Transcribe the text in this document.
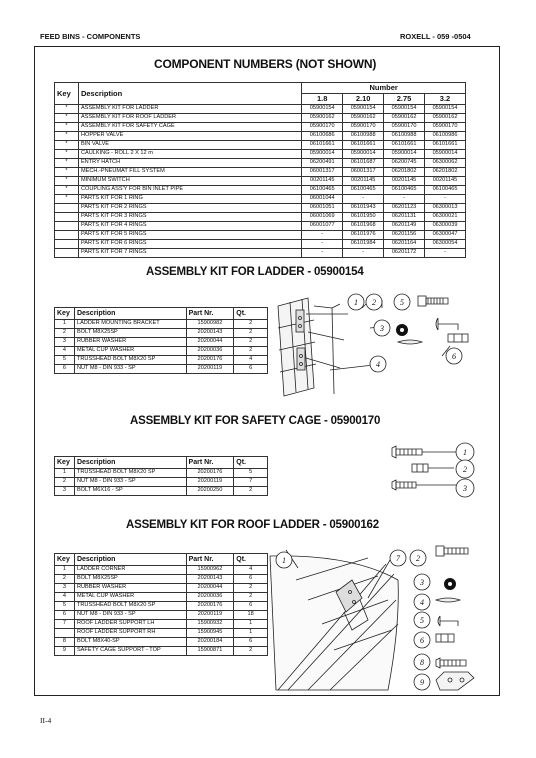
FEED BINS - COMPONENTS	ROXELL - 059 -0504
COMPONENT NUMBERS (NOT SHOWN)
Key	Description	Number			
		1.8	2.10	2.75	3.2
*	ASSEMBLY KIT FOR LADDER	05900154	05900154	05900154	05900154
*	ASSEMBLY KIT FOR ROOF LADDER	05900162	05900162	05900162	05900162
*	ASSEMBLY KIT FOR SAFETY CAGE	05900170	05900170	05900170	05900170
*	HOPPER VALVE	06100686	06100988	06100988	06100986
*	BIN VALVE	06101661	06101661	06101661	06101661
*	CAULKING - ROLL 2 X 12 m	05900014	05900014	05900014	05900014
*	ENTRY HATCH	06200491	06101687	06200745	06300062
*	MECH.-PNEUMAT FILL SYSTEM	06001317	06001317	06201802	06201802
*	MINIMUM SWITCH	00201145	00201145	00201145	00201145
*	COUPLING ASS'Y FOR BIN INLET PIPE	06100465	06100465	06100465	06100465
*	PARTS KIT FOR 1 RING	06001044	-	-	-
	PARTS KIT FOR 2 RINGS	06001051	06101943	06201123	06300013
	PARTS KIT FOR 3 RINGS	06001069	06101950	06201131	06300021
	PARTS KIT FOR 4 RINGS	06001077	06101968	06201149	06300039
	PARTS KIT FOR 5 RINGS	-	06101976	06201156	06300047
	PARTS KIT FOR 6 RINGS	-	06101984	06201164	06300054
	PARTS KIT FOR 7 RINGS	-	-	06201172	-
ASSEMBLY KIT FOR LADDER - 05900154
Key	Description	Part Nr.	Qt.
1	LADDER MOUNTING BRACKET	15900982	2
2	BOLT M8X25SP	20200143	2
3	RUBBER WASHER	20200044	2
4	METAL CUP WASHER	20200036	2
5	TRUSSHEAD BOLT M8X20 SP	20200176	4
6	NUT M8 - DIN 933 - SP	20200119	6
ASSEMBLY KIT FOR SAFETY CAGE - 05900170
Key	Description	Part Nr.	Qt.
1	TRUSSHEAD BOLT M8X20 SP	20200176	5
2	NUT M8 - DIN 933 - SP	20200119	7
3	BOLT M6X16 - SP	20200250	2
ASSEMBLY KIT FOR ROOF LADDER - 05900162
Key	Description	Part Nr.	Qt.
1	LADDER CORNER	15900962	4
2	BOLT M8X25SP	20200143	6
3	RUBBER WASHER	20200044	2
4	METAL CUP WASHER	20200036	2
5	TRUSSHEAD BOLT M8X20 SP	20200176	6
6	NUT M8 - DIN 933 - SP	20200119	18
7	ROOF LADDER SUPPORT LH	15900932	1
	ROOF LADDER SUPPORT RH	15900945	1
8	BOLT M8X40-SP	20200184	6
9	SAFETY CAGE SUPPORT - TOP	15900871	2
1 2
3
4
5
6
1
2
3
1	7 2
3
4
5
6
8
9
II-4
